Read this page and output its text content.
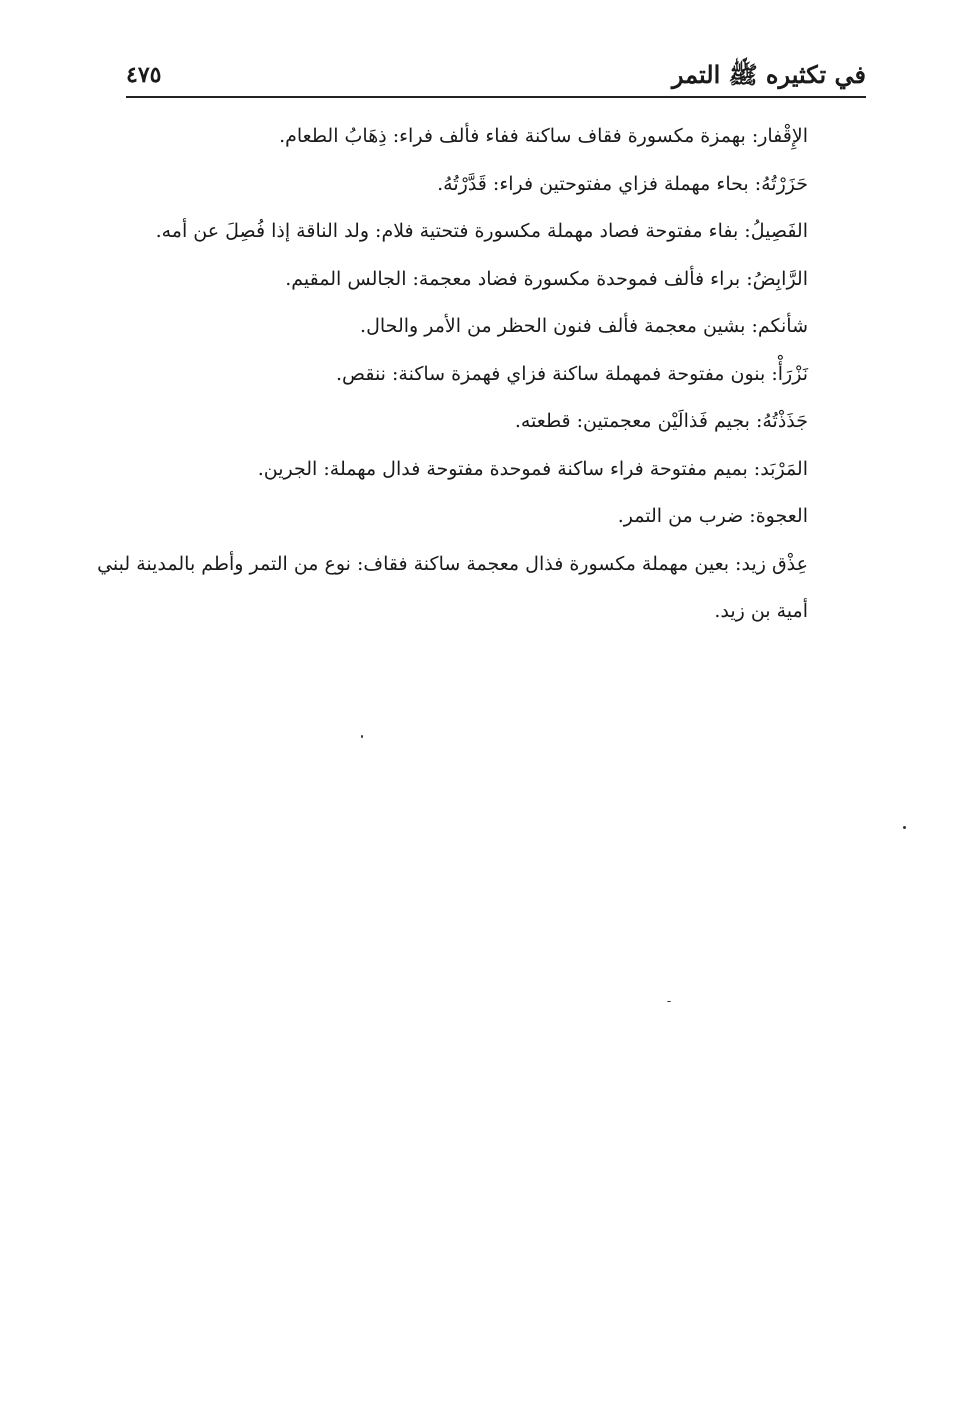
في تكثيره ﷺ التمر
٤٧٥
الإِقْفار: بهمزة مكسورة فقاف ساكنة ففاء فألف فراء: ذِهَابُ الطعام.
حَزَرْتُهُ: بحاء مهملة فزاي مفتوحتين فراء: قَدَّرْتُهُ.
الفَصِيلُ: بفاء مفتوحة فصاد مهملة مكسورة فتحتية فلام: ولد الناقة إذا فُصِلَ عن أمه.
الرَّابِضُ: براء فألف فموحدة مكسورة فضاد معجمة: الجالس المقيم.
شأنكم: بشين معجمة فألف فنون الحظر من الأمر والحال.
نَزْرَأْ: بنون مفتوحة فمهملة ساكنة فزاي فهمزة ساكنة: ننقص.
جَذَذْتُهُ: بجيم فَذالَيْن معجمتين: قطعته.
المَرْبَد: بميم مفتوحة فراء ساكنة فموحدة مفتوحة فدال مهملة: الجرين.
العجوة: ضرب من التمر.
عِذْق زيد: بعين مهملة مكسورة فذال معجمة ساكنة فقاف: نوع من التمر وأطم بالمدينة لبني أمية بن زيد.
